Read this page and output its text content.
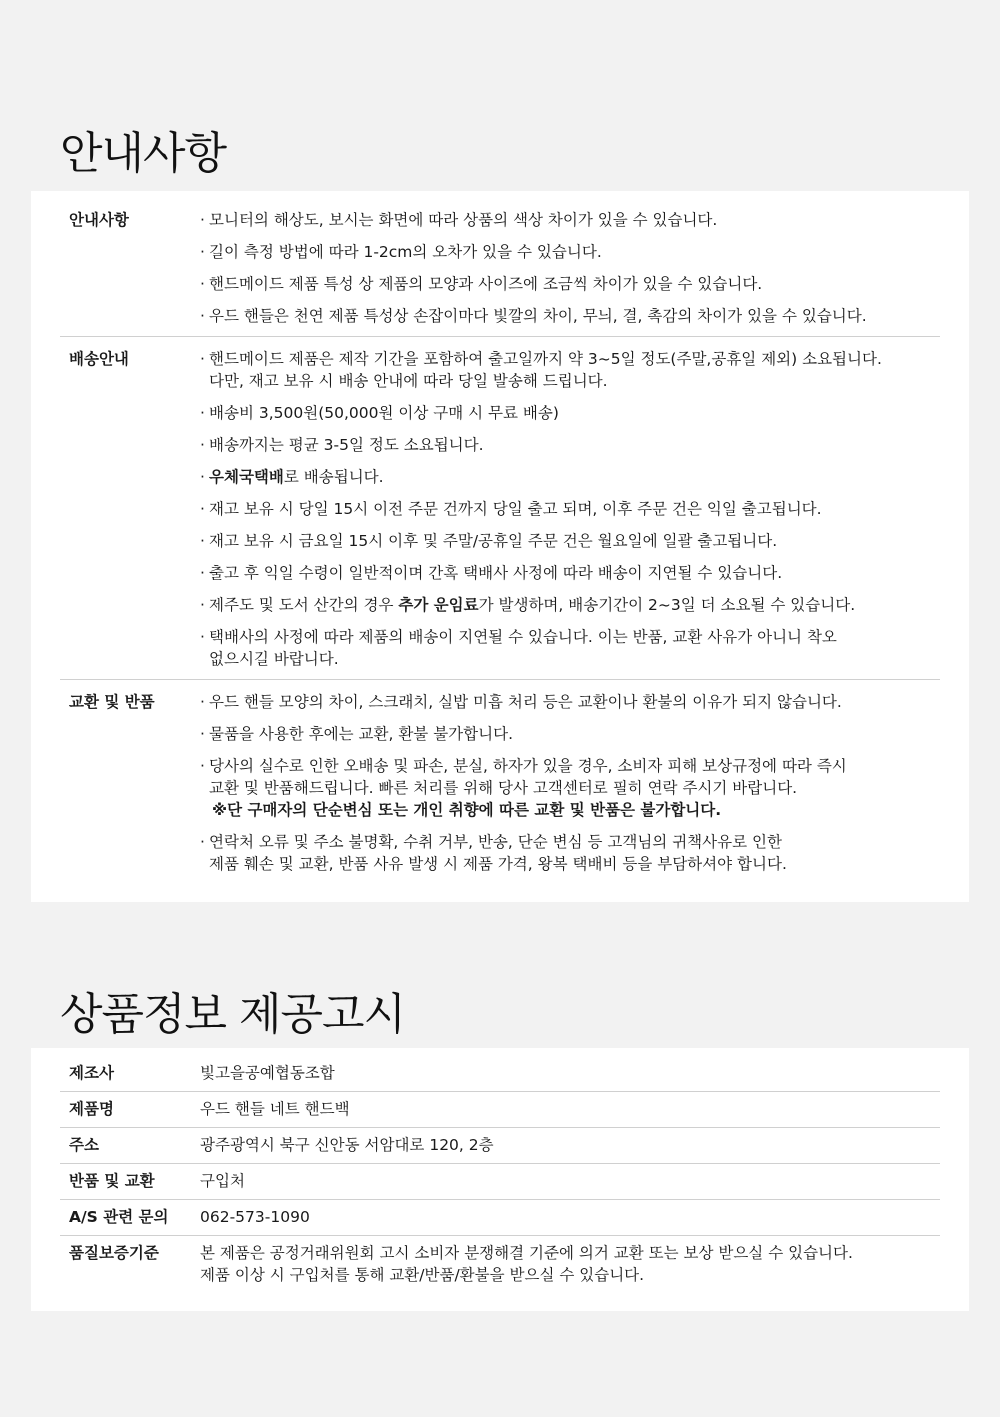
안내사항
안내사항	· 모니터의 해상도, 보시는 화면에 따라 상품의 색상 차이가 있을 수 있습니다.
· 길이 측정 방법에 따라 1-2cm의 오차가 있을 수 있습니다.
· 핸드메이드 제품 특성 상 제품의 모양과 사이즈에 조금씩 차이가 있을 수 있습니다.
· 우드 핸들은 천연 제품 특성상 손잡이마다 빛깔의 차이, 무늬, 결, 촉감의 차이가 있을 수 있습니다.
배송안내	· 핸드메이드 제품은 제작 기간을 포함하여 출고일까지 약 3~5일 정도(주말,공휴일 제외) 소요됩니다.
다만, 재고 보유 시 배송 안내에 따라 당일 발송해 드립니다.
· 배송비 3,500원(50,000원 이상 구매 시 무료 배송)
· 배송까지는 평균 3-5일 정도 소요됩니다.
· 우체국택배로 배송됩니다.
· 재고 보유 시 당일 15시 이전 주문 건까지 당일 출고 되며, 이후 주문 건은 익일 출고됩니다.
· 재고 보유 시 금요일 15시 이후 및 주말/공휴일 주문 건은 월요일에 일괄 출고됩니다.
· 출고 후 익일 수령이 일반적이며 간혹 택배사 사정에 따라 배송이 지연될 수 있습니다.
· 제주도 및 도서 산간의 경우 추가 운임료가 발생하며, 배송기간이 2~3일 더 소요될 수 있습니다.
· 택배사의 사정에 따라 제품의 배송이 지연될 수 있습니다. 이는 반품, 교환 사유가 아니니 착오
없으시길 바랍니다.
교환 및 반품	· 우드 핸들 모양의 차이, 스크래치, 실밥 미흡 처리 등은 교환이나 환불의 이유가 되지 않습니다.
· 물품을 사용한 후에는 교환, 환불 불가합니다.
· 당사의 실수로 인한 오배송 및 파손, 분실, 하자가 있을 경우, 소비자 피해 보상규정에 따라 즉시
교환 및 반품해드립니다. 빠른 처리를 위해 당사 고객센터로 필히 연락 주시기 바랍니다.
※단 구매자의 단순변심 또는 개인 취향에 따른 교환 및 반품은 불가합니다.
· 연락처 오류 및 주소 불명확, 수취 거부, 반송, 단순 변심 등 고객님의 귀책사유로 인한
제품 훼손 및 교환, 반품 사유 발생 시 제품 가격, 왕복 택배비 등을 부담하셔야 합니다.
상품정보 제공고시
제조사	빛고을공예협동조합
제품명	우드 핸들 네트 핸드백
주소	광주광역시 북구 신안동 서암대로 120, 2층
반품 및 교환	구입처
A/S 관련 문의	062-573-1090
품질보증기준	본 제품은 공정거래위원회 고시 소비자 분쟁해결 기준에 의거 교환 또는 보상 받으실 수 있습니다.
제품 이상 시 구입처를 통해 교환/반품/환불을 받으실 수 있습니다.
